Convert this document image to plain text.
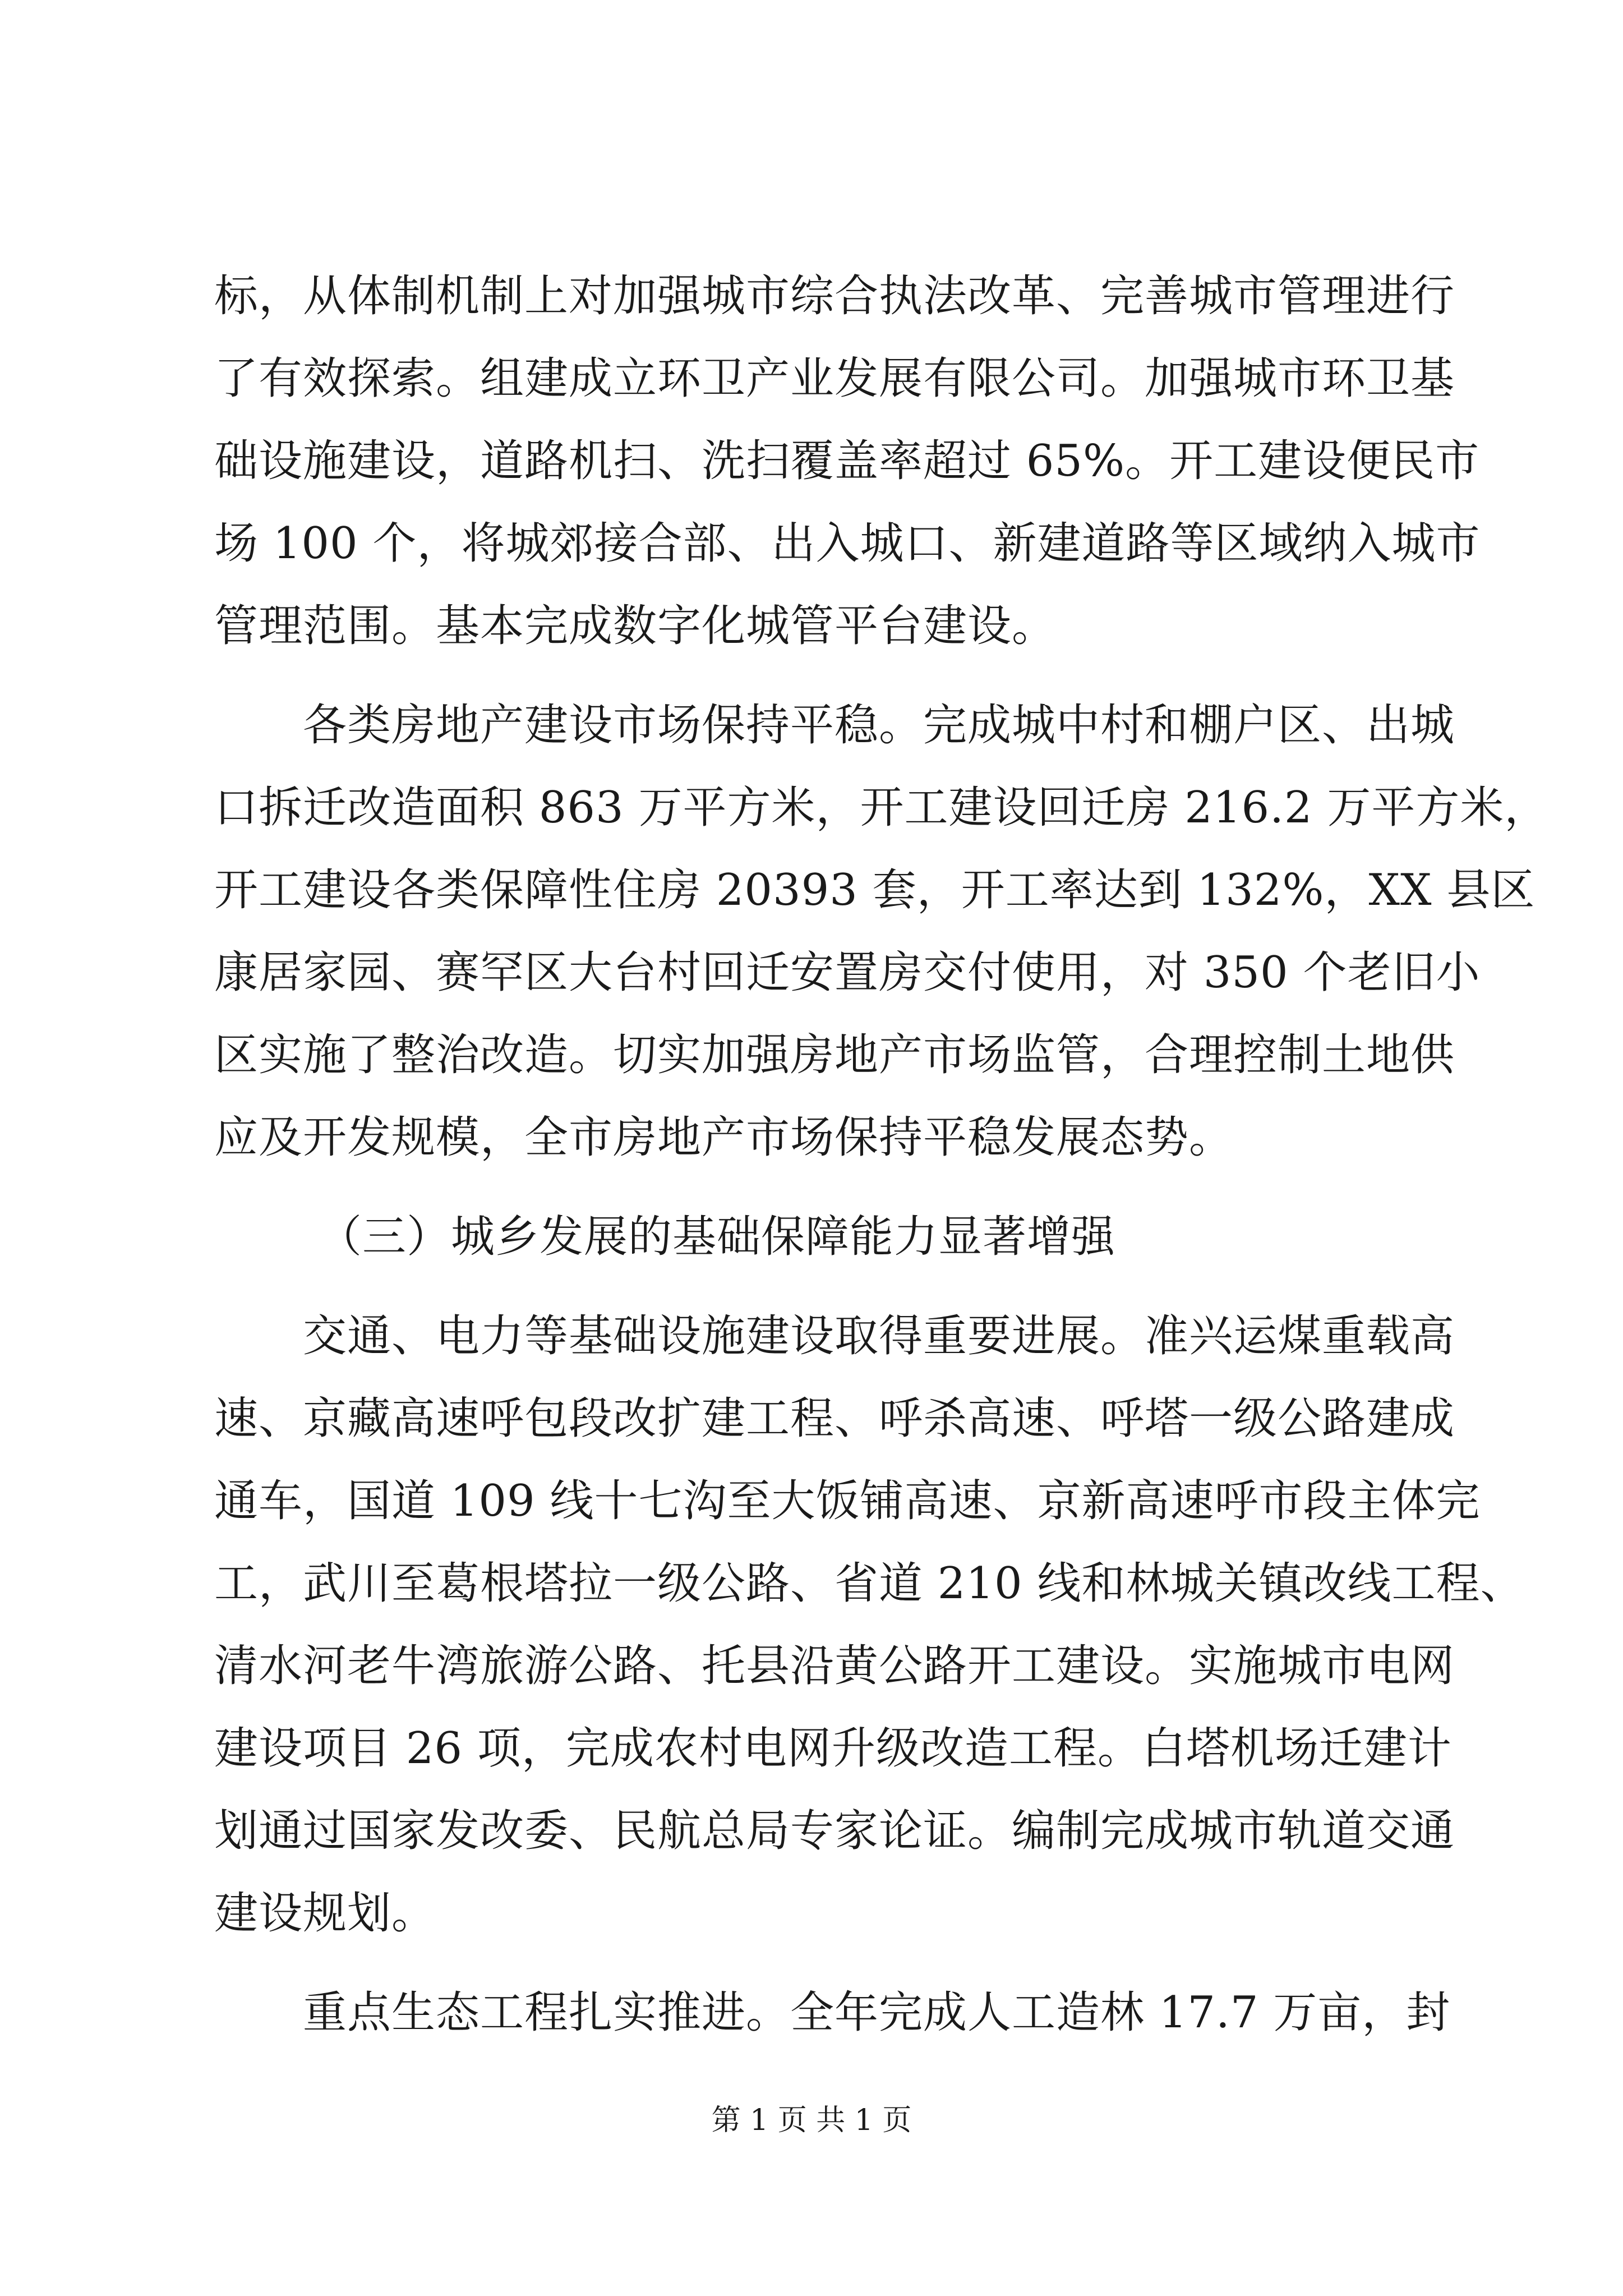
标，从体制机制上对加强城市综合执法改革、完善城市管理进行
了有效探索。组建成立环卫产业发展有限公司。加强城市环卫基
础设施建设，道路机扫、洗扫覆盖率超过 65%。开工建设便民市
场 100 个，将城郊接合部、出入城口、新建道路等区域纳入城市
管理范围。基本完成数字化城管平台建设。
各类房地产建设市场保持平稳。完成城中村和棚户区、出城
口拆迁改造面积 863 万平方米，开工建设回迁房 216.2 万平方米，
开工建设各类保障性住房 20393 套，开工率达到 132%，XX 县区
康居家园、赛罕区大台村回迁安置房交付使用，对 350 个老旧小
区实施了整治改造。切实加强房地产市场监管，合理控制土地供
应及开发规模，全市房地产市场保持平稳发展态势。
（三）城乡发展的基础保障能力显著增强
交通、电力等基础设施建设取得重要进展。准兴运煤重载高
速、京藏高速呼包段改扩建工程、呼杀高速、呼塔一级公路建成
通车，国道 109 线十七沟至大饭铺高速、京新高速呼市段主体完
工，武川至葛根塔拉一级公路、省道 210 线和林城关镇改线工程、
清水河老牛湾旅游公路、托县沿黄公路开工建设。实施城市电网
建设项目 26 项，完成农村电网升级改造工程。白塔机场迁建计
划通过国家发改委、民航总局专家论证。编制完成城市轨道交通
建设规划。
重点生态工程扎实推进。全年完成人工造林 17.7 万亩，封
第 1 页 共 1 页
